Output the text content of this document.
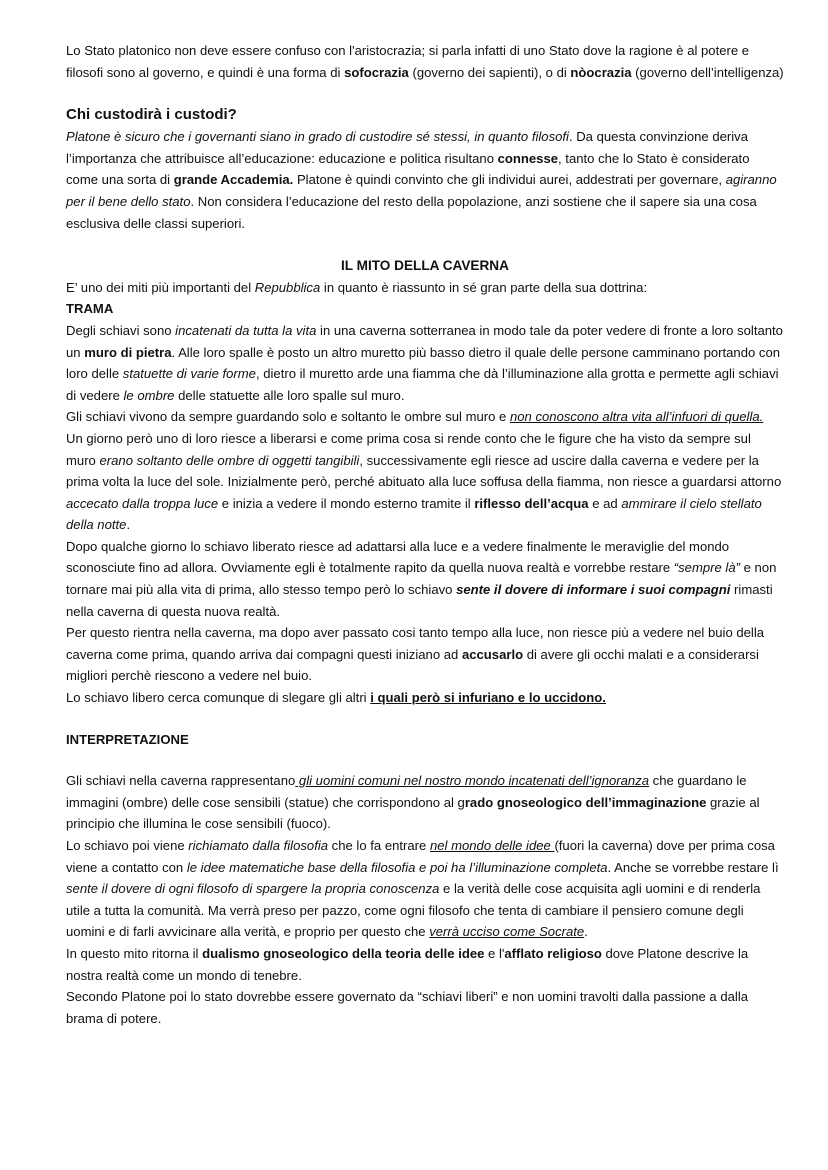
Lo Stato platonico non deve essere confuso con l'aristocrazia; si parla infatti di uno Stato dove la ragione è al potere e filosofi sono al governo, e quindi è una forma di sofocrazia (governo dei sapienti), o di nòocrazia (governo dell’intelligenza)

Chi custodirà i custodi?

Platone è sicuro che i governanti siano in grado di custodire sé stessi, in quanto filosofi. Da questa convinzione deriva l’importanza che attribuisce all’educazione: educazione e politica risultano connesse, tanto che lo Stato è considerato come una sorta di grande Accademia. Platone è quindi convinto che gli individui aurei, addestrati per governare, agiranno per il bene dello stato. Non considera l’educazione del resto della popolazione, anzi sostiene che il sapere sia una cosa esclusiva delle classi superiori.

IL MITO DELLA CAVERNA

E’ uno dei miti più importanti del Repubblica in quanto è riassunto in sé gran parte della sua dottrina:

TRAMA

Degli schiavi sono incatenati da tutta la vita in una caverna sotterranea in modo tale da poter vedere di fronte a loro soltanto un muro di pietra. Alle loro spalle è posto un altro muretto più basso dietro il quale delle persone camminano portando con loro delle statuette di varie forme, dietro il muretto arde una fiamma che dà l’illuminazione alla grotta e permette agli schiavi di vedere le ombre delle statuette alle loro spalle sul muro.

Gli schiavi vivono da sempre guardando solo e soltanto le ombre sul muro e non conoscono altra vita all’infuori di quella.

Un giorno però uno di loro riesce a liberarsi e come prima cosa si rende conto che le figure che ha visto da sempre sul muro erano soltanto delle ombre di oggetti tangibili, successivamente egli riesce ad uscire dalla caverna e vedere per la prima volta la luce del sole. Inizialmente però, perché abituato alla luce soffusa della fiamma, non riesce a guardarsi attorno accecato dalla troppa luce e inizia a vedere il mondo esterno tramite il riflesso dell’acqua e ad ammirare il cielo stellato della notte.

Dopo qualche giorno lo schiavo liberato riesce ad adattarsi alla luce e a vedere finalmente le meraviglie del mondo sconosciute fino ad allora. Ovviamente egli è totalmente rapito da quella nuova realtà e vorrebbe restare “sempre là” e non tornare mai più alla vita di prima, allo stesso tempo però lo schiavo sente il dovere di informare i suoi compagni rimasti nella caverna di questa nuova realtà.

Per questo rientra nella caverna, ma dopo aver passato cosi tanto tempo alla luce, non riesce più a vedere nel buio della caverna come prima, quando arriva dai compagni questi iniziano ad accusarlo di avere gli occhi malati e a considerarsi migliori perchè riescono a vedere nel buio.

Lo schiavo libero cerca comunque di slegare gli altri i quali però si infuriano e lo uccidono.

INTERPRETAZIONE

Gli schiavi nella caverna rappresentano gli uomini comuni nel nostro mondo incatenati dell’ignoranza che guardano le immagini (ombre) delle cose sensibili (statue) che corrispondono al grado gnoseologico dell’immaginazione grazie al principio che illumina le cose sensibili (fuoco).

Lo schiavo poi viene richiamato dalla filosofia che lo fa entrare nel mondo delle idee (fuori la caverna) dove per prima cosa viene a contatto con le idee matematiche base della filosofia e poi ha l’illuminazione completa. Anche se vorrebbe restare lì sente il dovere di ogni filosofo di spargere la propria conoscenza e la verità delle cose acquisita agli uomini e di renderla utile a tutta la comunità. Ma verrà preso per pazzo, come ogni filosofo che tenta di cambiare il pensiero comune degli uomini e di farli avvicinare alla verità, e proprio per questo che verrà ucciso come Socrate.

In questo mito ritorna il dualismo gnoseologico della teoria delle idee e l'afflato religioso dove Platone descrive la nostra realtà come un mondo di tenebre.

Secondo Platone poi lo stato dovrebbe essere governato da “schiavi liberi” e non uomini travolti dalla passione a dalla brama di potere.
